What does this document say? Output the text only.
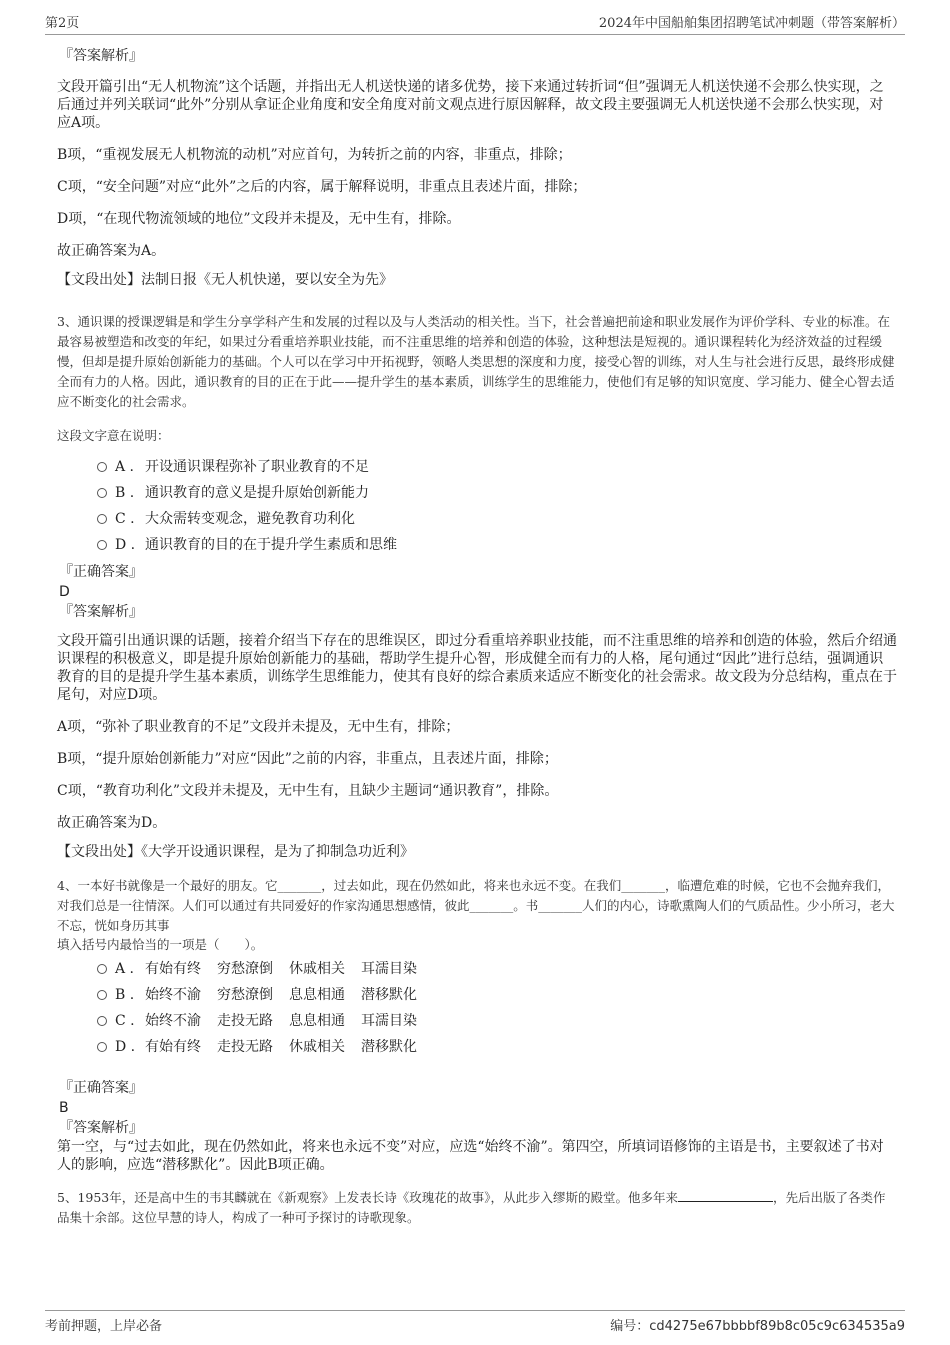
第2页	2024年中国船舶集团招聘笔试冲刺题（带答案解析）
『答案解析』

文段开篇引出“无人机物流”这个话题，并指出无人机送快递的诸多优势，接下来通过转折词“但”强调无人机送快递不会那么快实现，之后通过并列关联词“此外”分别从拿证企业角度和安全角度对前文观点进行原因解释，故文段主要强调无人机送快递不会那么快实现，对应A项。

B项，“重视发展无人机物流的动机”对应首句，为转折之前的内容，非重点，排除；

C项，“安全问题”对应“此外”之后的内容，属于解释说明，非重点且表述片面，排除；

D项，“在现代物流领域的地位”文段并未提及，无中生有，排除。

故正确答案为A。

【文段出处】法制日报《无人机快递，要以安全为先》

3、通识课的授课逻辑是和学生分享学科产生和发展的过程以及与人类活动的相关性。当下，社会普遍把前途和职业发展作为评价学科、专业的标准。在最容易被塑造和改变的年纪，如果过分看重培养职业技能，而不注重思维的培养和创造的体验，这种想法是短视的。通识课程转化为经济效益的过程缓慢，但却是提升原始创新能力的基础。个人可以在学习中开拓视野，领略人类思想的深度和力度，接受心智的训练，对人生与社会进行反思，最终形成健全而有力的人格。因此，通识教育的目的正在于此——提升学生的基本素质，训练学生的思维能力，使他们有足够的知识宽度、学习能力、健全心智去适应不断变化的社会需求。

这段文字意在说明：

A . 开设通识课程弥补了职业教育的不足
B . 通识教育的意义是提升原始创新能力
C . 大众需转变观念，避免教育功利化
D . 通识教育的目的在于提升学生素质和思维
『正确答案』
D
『答案解析』

文段开篇引出通识课的话题，接着介绍当下存在的思维误区，即过分看重培养职业技能，而不注重思维的培养和创造的体验，然后介绍通识课程的积极意义，即是提升原始创新能力的基础，帮助学生提升心智，形成健全而有力的人格，尾句通过“因此”进行总结，强调通识教育的目的是提升学生基本素质，训练学生思维能力，使其有良好的综合素质来适应不断变化的社会需求。故文段为分总结构，重点在于尾句，对应D项。

A项，“弥补了职业教育的不足”文段并未提及，无中生有，排除；

B项，“提升原始创新能力”对应“因此”之前的内容，非重点，且表述片面，排除；

C项，“教育功利化”文段并未提及，无中生有，且缺少主题词“通识教育”，排除。

故正确答案为D。

【文段出处】《大学开设通识课程，是为了抑制急功近利》

4、一本好书就像是一个最好的朋友。它_______，过去如此，现在仍然如此，将来也永远不变。在我们_______，临遭危难的时候，它也不会抛弃我们，对我们总是一往情深。人们可以通过有共同爱好的作家沟通思想感情，彼此_______。书_______人们的内心，诗歌熏陶人们的气质品性。少小所习，老大不忘，恍如身历其事

填入括号内最恰当的一项是（　　）。

A . 有始有终 穷愁潦倒 休戚相关 耳濡目染
B . 始终不渝 穷愁潦倒 息息相通 潜移默化
C . 始终不渝 走投无路 息息相通 耳濡目染
D . 有始有终 走投无路 休戚相关 潜移默化
『正确答案』
B
『答案解析』

第一空，与“过去如此，现在仍然如此，将来也永远不变”对应，应选“始终不渝”。第四空，所填词语修饰的主语是书，主要叙述了书对人的影响，应选“潜移默化”。因此B项正确。

5、1953年，还是高中生的韦其麟就在《新观察》上发表长诗《玫瑰花的故事》，从此步入缪斯的殿堂。他多年来	，先后出版了各类作品集十余部。这位早慧的诗人，构成了一种可予探讨的诗歌现象。

考前押题，上岸必备	编号：cd4275e67bbbbf89b8c05c9c634535a9
